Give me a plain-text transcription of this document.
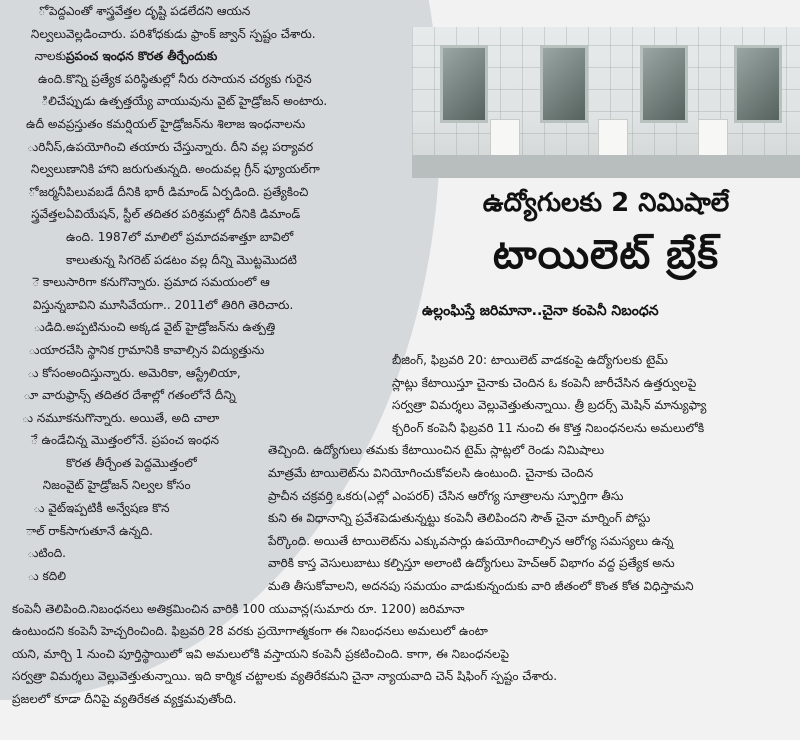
ో పెద్ద
నిల్వలు
నాలకు
ఉంది.
ిలిచే
ఉదీ అవ
ురినీస్,
నిల్వలు
ో జర్మనీ
స్త్రవేత్తల
ె కాలు
విస్తున్న
ుడిది.
ుయార
ు కోసం
ూ వారు
ు నమూ
ే ఉండే
నిజం
ు వైట్
ాల్ రాక్
ుటింది.
ు కదిలి
ఎంతో శాస్త్రవేత్తల దృష్టి పడలేదని ఆయన
వెల్లడించారు. పరిశోధకుడు ఫ్రాంక్ జ్వాన్ స్పష్టం చేశారు.
ప్రపంచ ఇంధన కొరత తీర్చేందుకు
కొన్ని ప్రత్యేక పరిస్థితుల్లో నీరు రసాయన చర్యకు గురైన
ప్పుడు ఉత్పత్తయ్యే వాయువును వైట్ హైడ్రోజన్ అంటారు.
ప్రస్తుతం కమర్షియల్ హైడ్రోజన్‌ను శిలాజ ఇంధనాలను
ఉపయోగించి తయారు చేస్తున్నారు. దీని వల్ల పర్యావర
ణానికి హాని జరుగుతున్నది. అందువల్ల గ్రీన్ ఫ్యూయల్‌గా
పిలువబడే దీనికి భారీ డిమాండ్ ఏర్పడింది. ప్రత్యేకించి
ఏవియేషన్, స్టీల్ తదితర పరిశ్రమల్లో దీనికి డిమాండ్
ఉంది. 1987లో మాలిలో ప్రమాదవశాత్తూ బావిలో
కాలుతున్న సిగరెట్ పడటం వల్ల దీన్ని మొట్టమొదటి
సారిగా కనుగొన్నారు. ప్రమాద సమయంలో ఆ
బావిని మూసివేయగా.. 2011లో తిరిగి తెరిచారు.
అప్పటినుంచి అక్కడ వైట్ హైడ్రోజన్‌ను ఉత్పత్తి
చేసి స్థానిక గ్రామానికి కావాల్సిన విద్యుత్తును
అందిస్తున్నారు. అమెరికా, ఆస్ట్రేలియా,
ఫ్రాన్స్ తదితర దేశాల్లో గతంలోనే దీన్ని
కనుగొన్నారు. అయితే, అది చాలా
చిన్న మొత్తంలోనే. ప్రపంచ ఇంధన
కొరత తీర్చేంత పెద్దమొత్తంలో
వైట్ హైడ్రోజన్ నిల్వల కోసం
ఇప్పటికీ అన్వేషణ కొన
సాగుతూనే ఉన్నది.
ఉద్యోగులకు 2 నిమిషాలే
టాయిలెట్ బ్రేక్
ఉల్లంఘిస్తే జరిమానా..చైనా కంపెనీ నిబంధన
బీజింగ్, ఫిబ్రవరి 20: టాయిలెట్ వాడకంపై ఉద్యోగులకు టైమ్
స్లాట్లు కేటాయిస్తూ చైనాకు చెందిన ఓ కంపెనీ జారీచేసిన ఉత్తర్వులపై
సర్వత్రా విమర్శలు వెల్లువెత్తుతున్నాయి. త్రీ బ్రదర్స్ మెషిన్ మాన్యుఫ్యా
క్చరింగ్ కంపెనీ ఫిబ్రవరి 11 నుంచి ఈ కొత్త నిబంధనలను అమలులోకి
తెచ్చింది. ఉద్యోగులు తమకు కేటాయించిన టైమ్ స్లాట్లలో రెండు నిమిషాలు
మాత్రమే టాయిలెట్‌ను వినియోగించుకోవలసి ఉంటుంది. చైనాకు చెందిన
ప్రాచీన చక్రవర్తి ఒకరు(ఎల్లో ఎంపరర్) చేసిన ఆరోగ్య సూత్రాలను స్ఫూర్తిగా తీసు
కుని ఈ విధానాన్ని ప్రవేశపెడుతున్నట్టు కంపెనీ తెలిపిందని సౌత్ చైనా మార్నింగ్ పోస్టు
పేర్కొంది. అయితే టాయిలెట్‌ను ఎక్కువసార్లు ఉపయోగించాల్సిన ఆరోగ్య సమస్యలు ఉన్న
వారికి కాస్త వెసులుబాటు కల్పిస్తూ అలాంటి ఉద్యోగులు హెచ్‌ఆర్ విభాగం వద్ద ప్రత్యేక అను
మతి తీసుకోవాలని, అదనపు సమయం వాడుకున్నందుకు వారి జీతంలో కొంత కోత విధిస్తామని
కంపెనీ తెలిపింది.నిబంధనలు అతిక్రమించిన వారికి 100 యువాన్ల(సుమారు రూ. 1200) జరిమానా
ఉంటుందని కంపెనీ హెచ్చరించింది. ఫిబ్రవరి 28 వరకు ప్రయోగాత్మకంగా ఈ నిబంధనలు అమలులో ఉంటా
యని, మార్చి 1 నుంచి పూర్తిస్థాయిలో ఇవి అమలులోకి వస్తాయని కంపెనీ ప్రకటించింది. కాగా, ఈ నిబంధనలపై
సర్వత్రా విమర్శలు వెల్లువెత్తుతున్నాయి. ఇది కార్మిక చట్టాలకు వ్యతిరేకమని చైనా న్యాయవాది చెన్ షిఫింగ్ స్పష్టం చేశారు.
ప్రజలలో కూడా దీనిపై వ్యతిరేకత వ్యక్తమవుతోంది.
